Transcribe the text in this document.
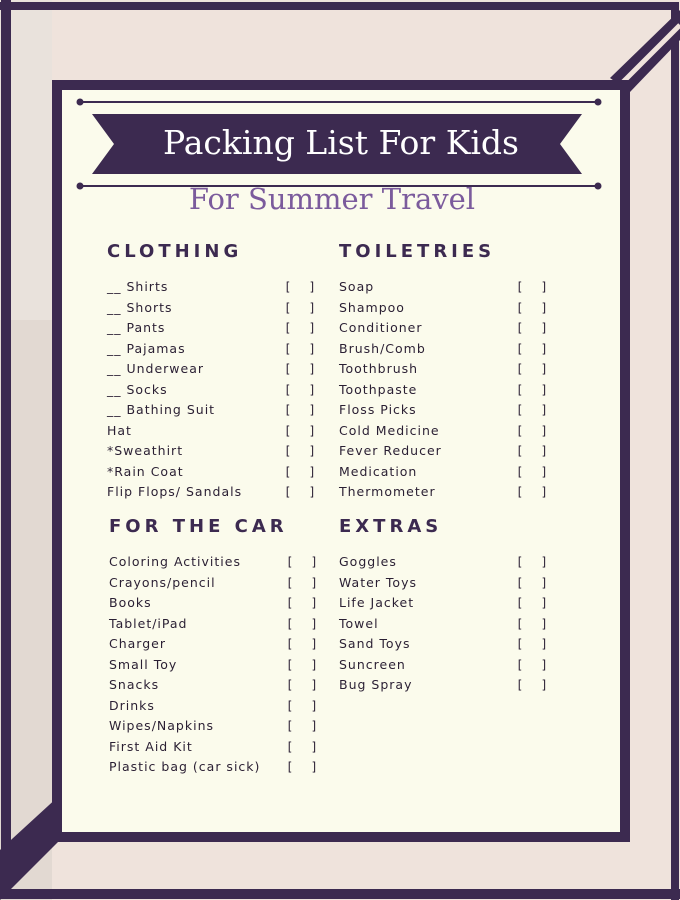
Packing List For Kids
For Summer Travel
CLOTHING
__ Shirts	[  ]
__ Shorts	[  ]
__ Pants	[  ]
__ Pajamas	[  ]
__ Underwear	[  ]
__ Socks	[  ]
__ Bathing Suit	[  ]
Hat	[  ]
*Sweathirt	[  ]
*Rain Coat	[  ]
Flip Flops/ Sandals	[  ]
TOILETRIES
Soap	[  ]
Shampoo	[  ]
Conditioner	[  ]
Brush/Comb	[  ]
Toothbrush	[  ]
Toothpaste	[  ]
Floss Picks	[  ]
Cold Medicine	[  ]
Fever Reducer	[  ]
Medication	[  ]
Thermometer	[  ]
FOR THE CAR
Coloring Activities	[  ]
Crayons/pencil	[  ]
Books	[  ]
Tablet/iPad	[  ]
Charger	[  ]
Small Toy	[  ]
Snacks	[  ]
Drinks	[  ]
Wipes/Napkins	[  ]
First Aid Kit	[  ]
Plastic bag (car sick) [  ]
EXTRAS
Goggles	[  ]
Water Toys	[  ]
Life Jacket	[  ]
Towel	[  ]
Sand Toys	[  ]
Suncreen	[  ]
Bug Spray	[  ]
